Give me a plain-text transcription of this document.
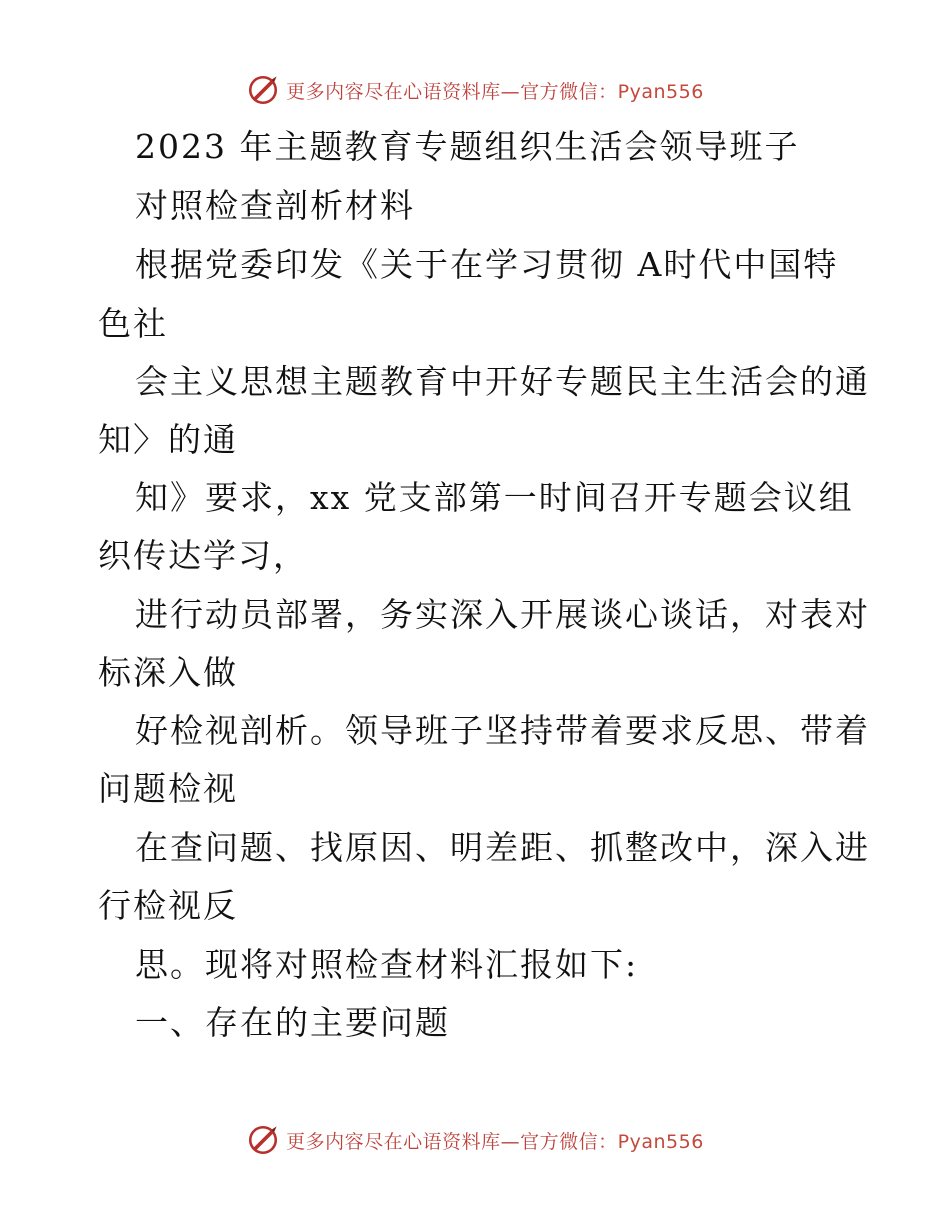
更多内容尽在心语资料库—官方微信：Pyan556
2023 年主题教育专题组织生活会领导班子
对照检查剖析材料
根据党委印发《关于在学习贯彻 A时代中国特
色社
会主义思想主题教育中开好专题民主生活会的通
知〉的通
知》要求，xx 党支部第一时间召开专题会议组
织传达学习，
进行动员部署，务实深入开展谈心谈话，对表对
标深入做
好检视剖析。领导班子坚持带着要求反思、带着
问题检视
在查问题、找原因、明差距、抓整改中，深入进
行检视反
思。现将对照检查材料汇报如下:
一、存在的主要问题
更多内容尽在心语资料库—官方微信：Pyan556
